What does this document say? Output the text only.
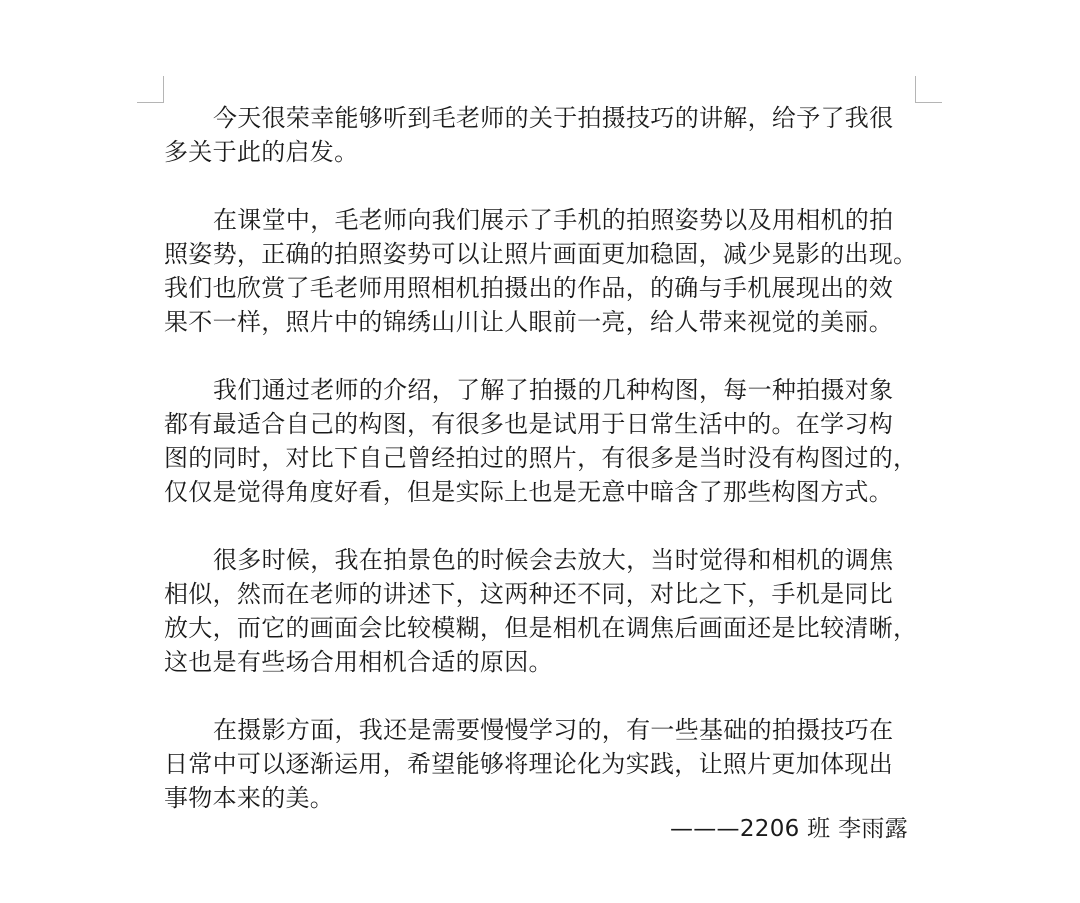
今天很荣幸能够听到毛老师的关于拍摄技巧的讲解，给予了我很
多关于此的启发。
在课堂中，毛老师向我们展示了手机的拍照姿势以及用相机的拍
照姿势，正确的拍照姿势可以让照片画面更加稳固，减少晃影的出现。
我们也欣赏了毛老师用照相机拍摄出的作品，的确与手机展现出的效
果不一样，照片中的锦绣山川让人眼前一亮，给人带来视觉的美丽。
我们通过老师的介绍，了解了拍摄的几种构图，每一种拍摄对象
都有最适合自己的构图，有很多也是试用于日常生活中的。在学习构
图的同时，对比下自己曾经拍过的照片，有很多是当时没有构图过的，
仅仅是觉得角度好看，但是实际上也是无意中暗含了那些构图方式。
很多时候，我在拍景色的时候会去放大，当时觉得和相机的调焦
相似，然而在老师的讲述下，这两种还不同，对比之下，手机是同比
放大，而它的画面会比较模糊，但是相机在调焦后画面还是比较清晰，
这也是有些场合用相机合适的原因。
在摄影方面，我还是需要慢慢学习的，有一些基础的拍摄技巧在
日常中可以逐渐运用，希望能够将理论化为实践，让照片更加体现出
事物本来的美。
———2206 班 李雨露
